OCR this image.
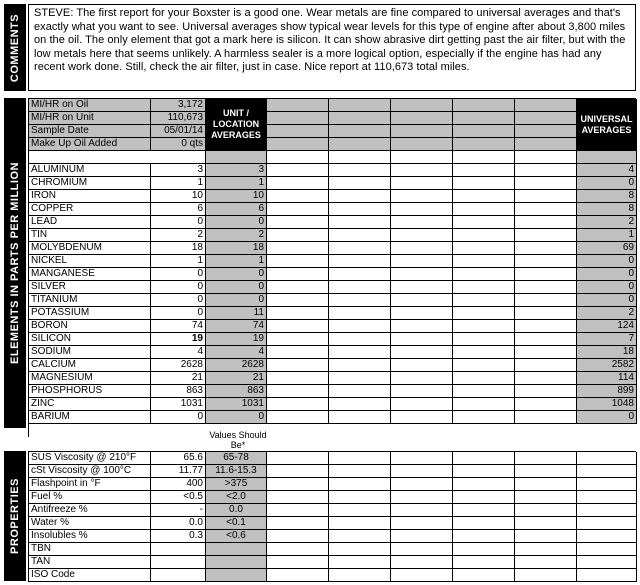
COMMENTS
STEVE: The first report for your Boxster is a good one. Wear metals are fine compared to universal averages and that's exactly what you want to see. Universal averages show typical wear levels for this type of engine after about 3,800 miles on the oil. The only element that got a mark here is silicon. It can show abrasive dirt getting past the air filter, but with the low metals here that seems unlikely. A harmless sealer is a more logical option, especially if the engine has had any recent work done. Still, check the air filter, just in case. Nice report at 110,673 total miles.
ELEMENTS IN PARTS PER MILLION
MI/HR on Oil	3,172
MI/HR on Unit	110,673
Sample Date	05/01/14
Make Up Oil Added	0 qts
UNIT / LOCATION AVERAGES
UNIVERSAL AVERAGES
ALUMINUM	3	3	4
CHROMIUM	1	1	0
IRON	10	10	8
COPPER	6	6	8
LEAD	0	0	2
TIN	2	2	1
MOLYBDENUM	18	18	69
NICKEL	1	1	0
MANGANESE	0	0	0
SILVER	0	0	0
TITANIUM	0	0	0
POTASSIUM	0	11	2
BORON	74	74	124
SILICON	19	19	7
SODIUM	4	4	18
CALCIUM	2628	2628	2582
MAGNESIUM	21	21	114
PHOSPHORUS	863	863	899
ZINC	1031	1031	1048
BARIUM	0	0	0
Values Should Be*
PROPERTIES
SUS Viscosity @ 210°F	65.6	65-78
cSt Viscosity @ 100°C	11.77	11.6-15.3
Flashpoint in °F	400	>375
Fuel %	<0.5	<2.0
Antifreeze %	-	0.0
Water %	0.0	<0.1
Insolubles %	0.3	<0.6
TBN
TAN
ISO Code
